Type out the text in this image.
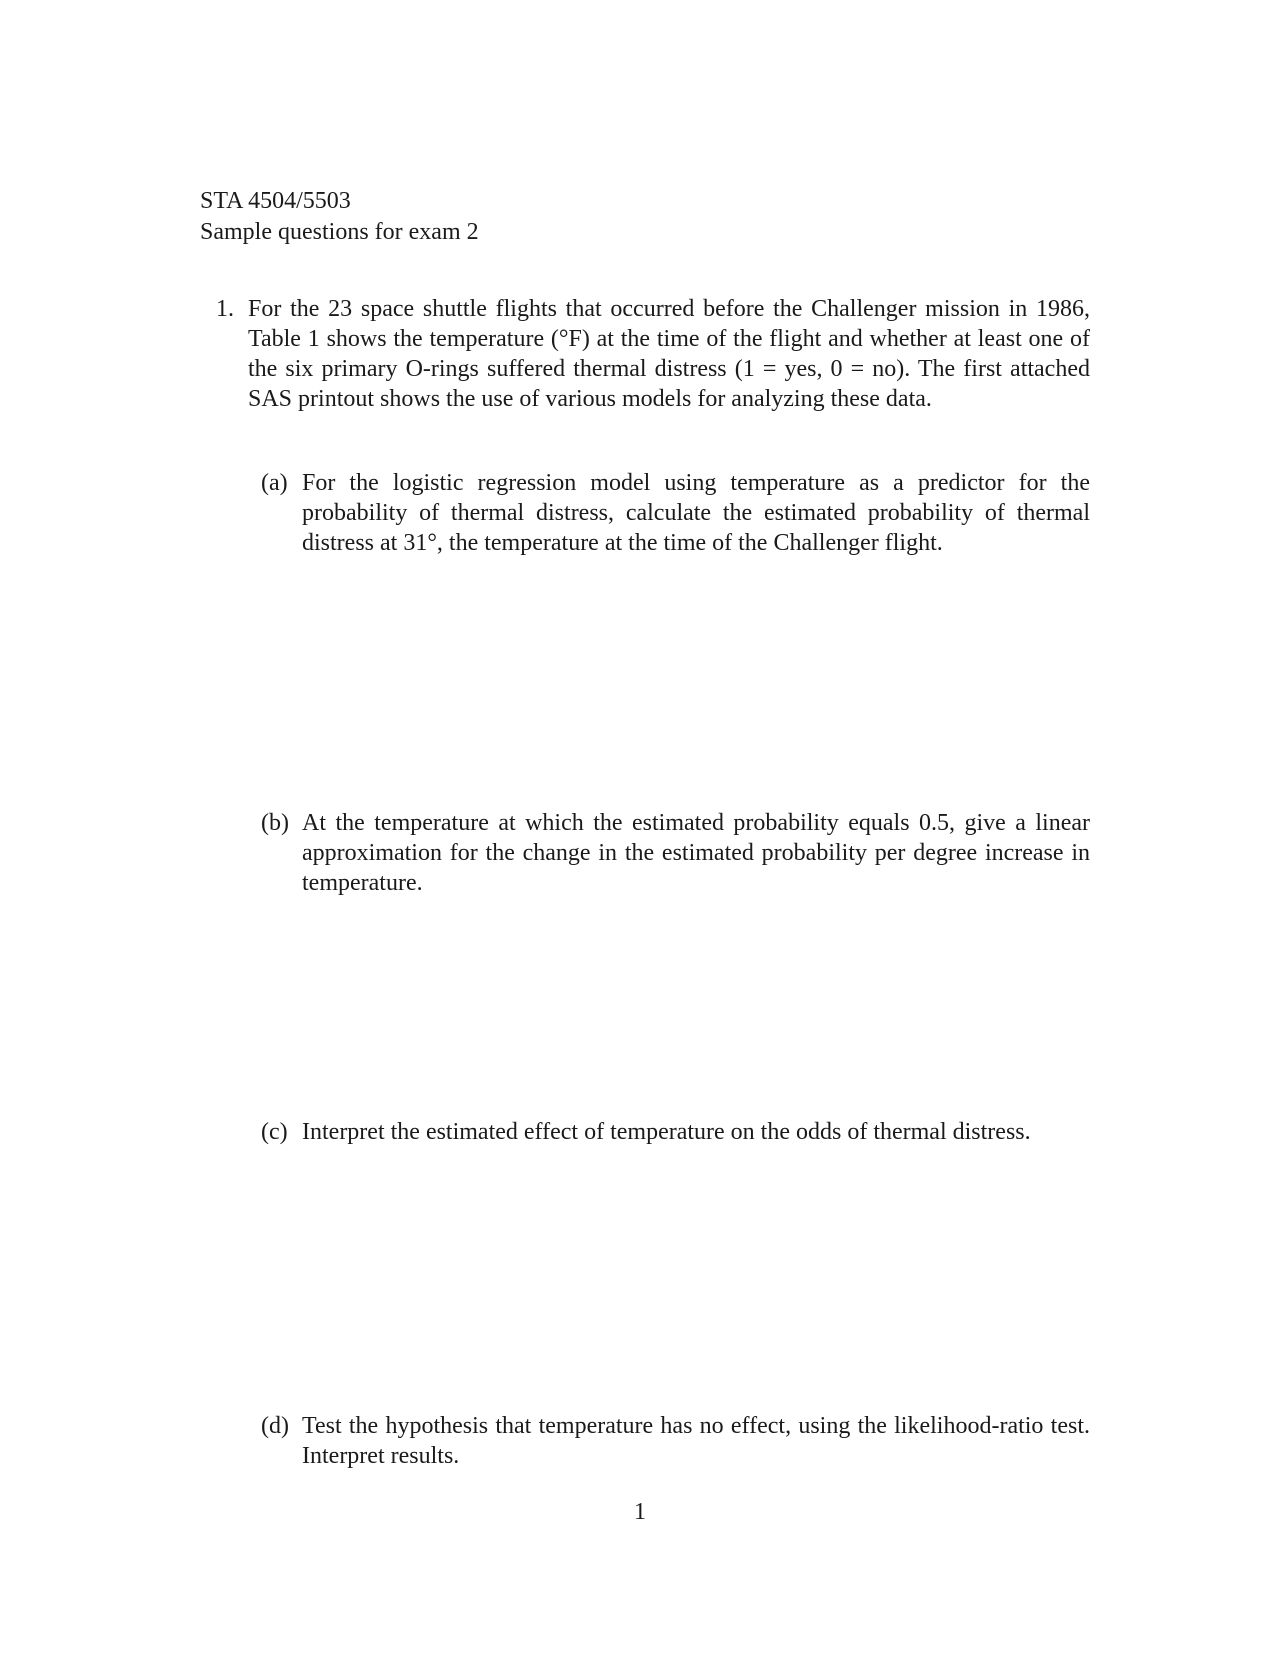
STA 4504/5503
Sample questions for exam 2
1. For the 23 space shuttle flights that occurred before the Challenger mission in 1986, Table 1 shows the temperature (°F) at the time of the flight and whether at least one of the six primary O-rings suffered thermal distress (1 = yes, 0 = no). The first attached SAS printout shows the use of various models for analyzing these data.
(a) For the logistic regression model using temperature as a predictor for the probability of thermal distress, calculate the estimated probability of thermal distress at 31°, the temperature at the time of the Challenger flight.
(b) At the temperature at which the estimated probability equals 0.5, give a linear approximation for the change in the estimated probability per degree increase in temperature.
(c) Interpret the estimated effect of temperature on the odds of thermal distress.
(d) Test the hypothesis that temperature has no effect, using the likelihood-ratio test. Interpret results.
1
